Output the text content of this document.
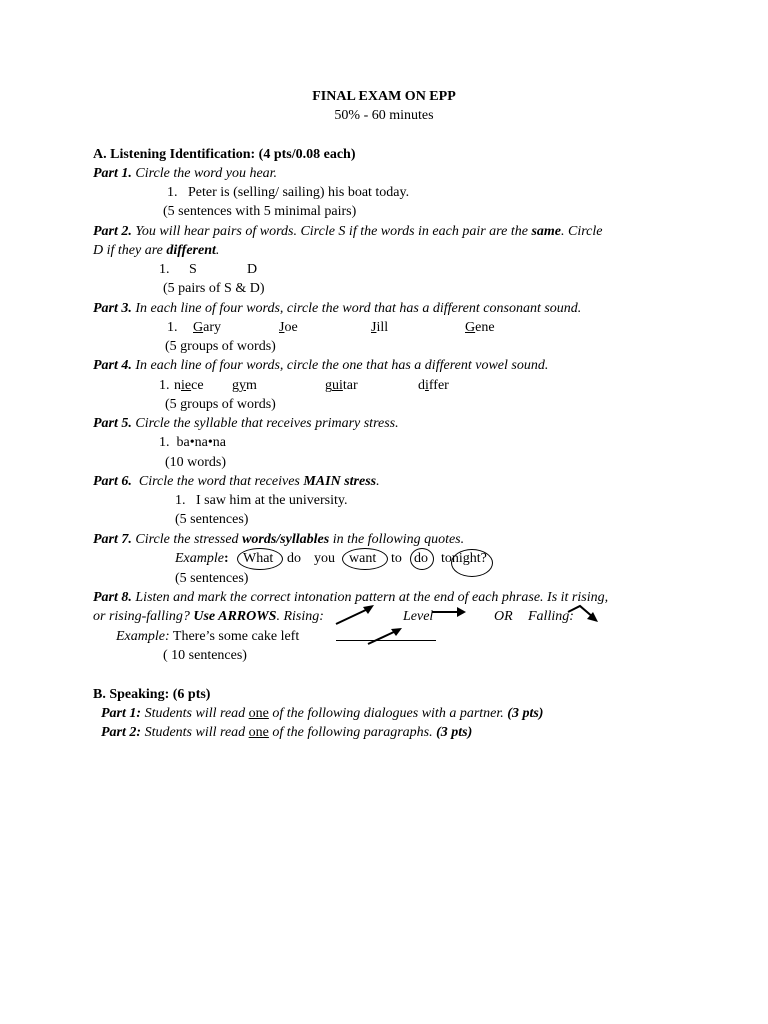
FINAL EXAM ON EPP
50% - 60 minutes
A. Listening Identification: (4 pts/0.08 each)
Part 1. Circle the word you hear.
1. Peter is (selling/ sailing) his boat today.
(5 sentences with 5 minimal pairs)
Part 2. You will hear pairs of words. Circle S if the words in each pair are the same. Circle
D if they are different.
1. S	D
(5 pairs of S & D)
Part 3. In each line of four words, circle the word that has a different consonant sound.
1. Gary	Joe	Jill	Gene
(5 groups of words)
Part 4. In each line of four words, circle the one that has a different vowel sound.
1. niece gym	guitar	differ
(5 groups of words)
Part 5. Circle the syllable that receives primary stress.
1. ba•na•na
(10 words)
Part 6. Circle the word that receives MAIN stress.
1. I saw him at the university.
(5 sentences)
Part 7. Circle the stressed words/syllables in the following quotes.
Example: What do you want to do tonight?
(5 sentences)
Part 8. Listen and mark the correct intonation pattern at the end of each phrase. Is it rising,
or rising-falling? Use ARROWS. Rising:	Level	OR Falling:
Example: There’s some cake left
( 10 sentences)
B. Speaking: (6 pts)
Part 1: Students will read one of the following dialogues with a partner. (3 pts)
Part 2: Students will read one of the following paragraphs. (3 pts)
